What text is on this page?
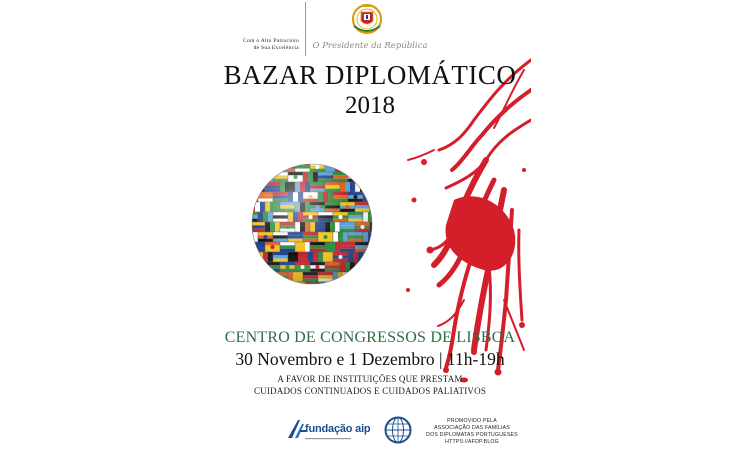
Com o Alto Patrocínio
de Sua Excelência O Presidente da República
BAZAR DIPLOMÁTICO
2018
CENTRO DE CONGRESSOS DE LISBOA
30 Novembro e 1 Dezembro | 11h-19h
A FAVOR DE INSTITUIÇÕES QUE PRESTAM
CUIDADOS CONTINUADOS E CUIDADOS PALIATIVOS
fundação aip
PROMOVIDO PELA
ASSOCIAÇÃO DAS FAMÍLIAS
DOS DIPLOMATAS PORTUGUESES
HTTPS://AFDP.BLOG
